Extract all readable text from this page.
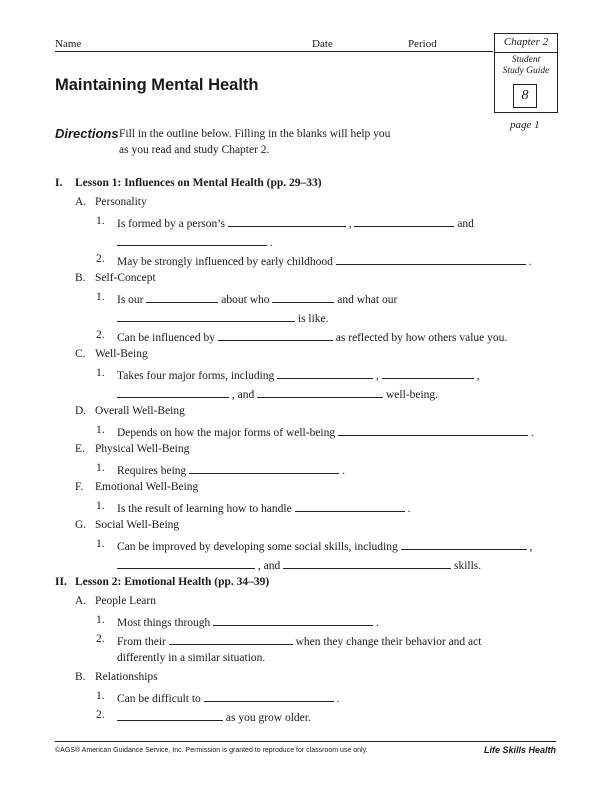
Name	Date	Period	Chapter 2
Student
Study Guide
8
page 1
Maintaining Mental Health
Directions Fill in the outline below. Filling in the blanks will help you
as you read and study Chapter 2.
I. Lesson 1: Influences on Mental Health (pp. 29–33)
A. Personality
1. Is formed by a person’s	,	and
.
2. May be strongly influenced by early childhood	.
B. Self-Concept
1. Is our	about who	and what our
is like.
2. Can be influenced by	as reflected by how others value you.
C. Well-Being
1. Takes four major forms, including	,	,
, and	well-being.
D. Overall Well-Being
1. Depends on how the major forms of well-being	.
E. Physical Well-Being
1. Requires being	.
F. Emotional Well-Being
1. Is the result of learning how to handle	.
G. Social Well-Being
1. Can be improved by developing some social skills, including	,
, and	skills.
II. Lesson 2: Emotional Health (pp. 34–39)
A. People Learn
1. Most things through	.
2. From their	when they change their behavior and act
differently in a similar situation.
B. Relationships
1. Can be difficult to	.
2.	as you grow older.
©AGS® American Guidance Service, Inc. Permission is granted to reproduce for classroom use only.	Life Skills Health
